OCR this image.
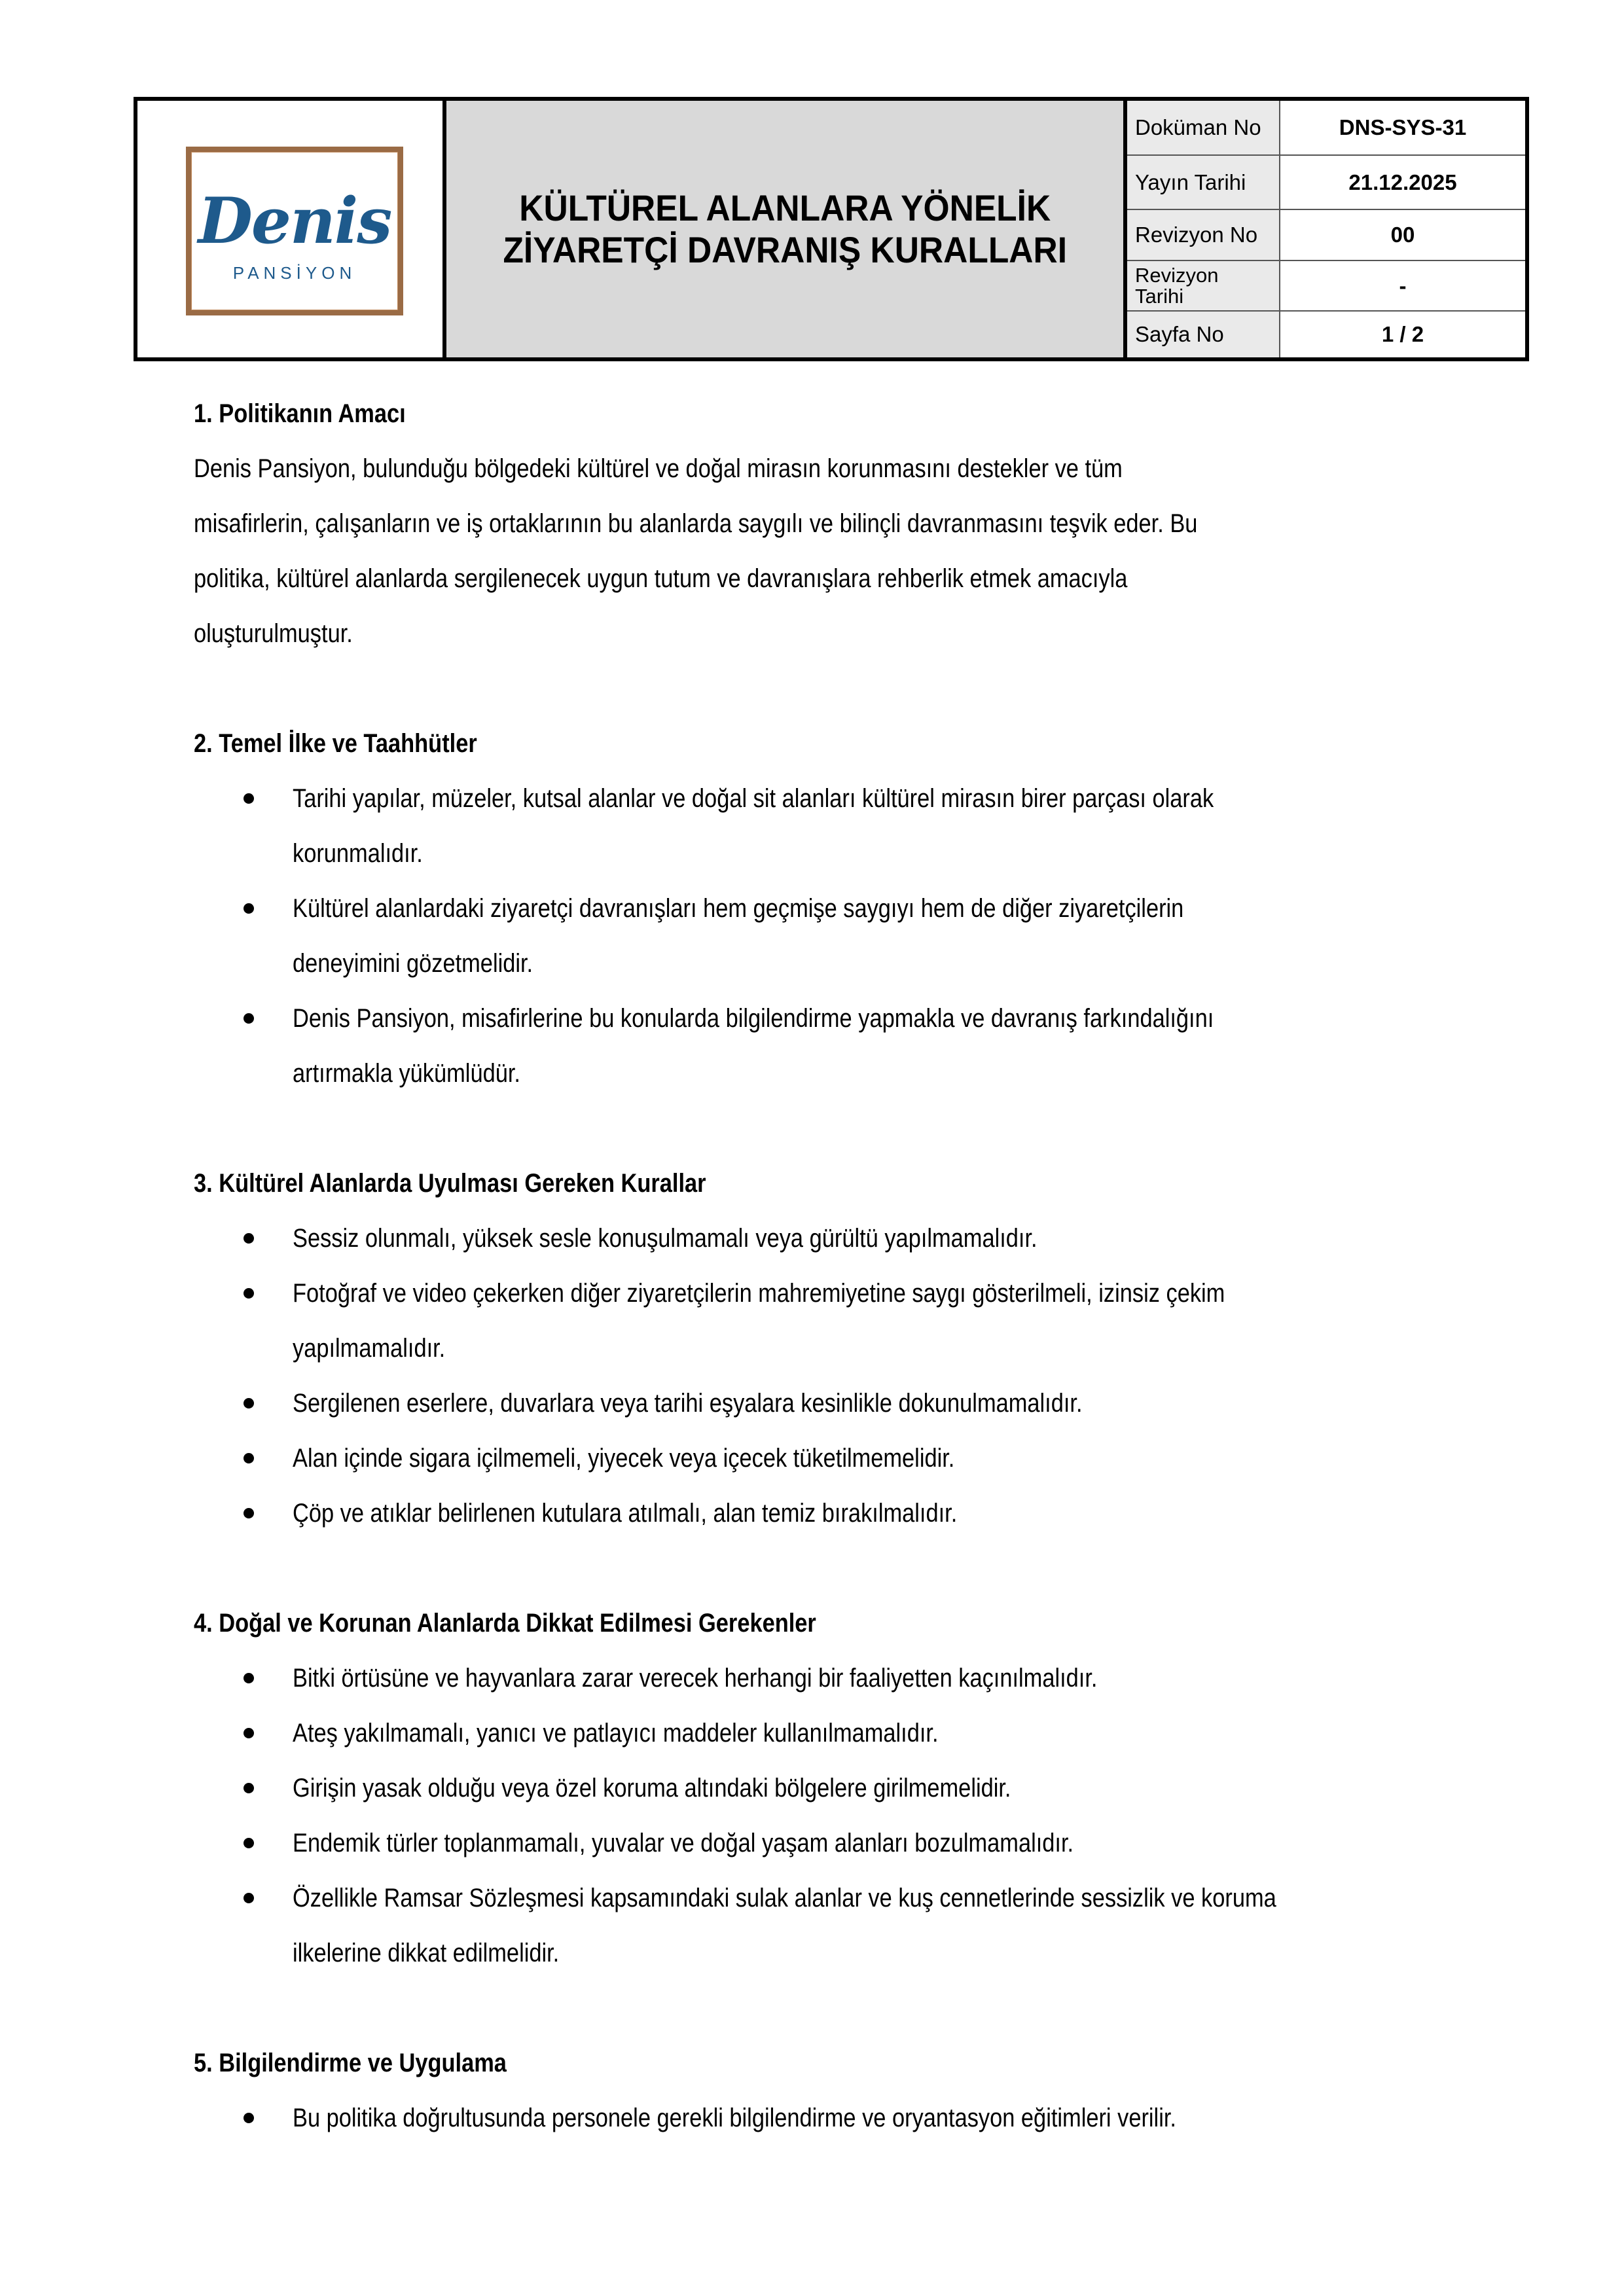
Denis
PANSİYON
KÜLTÜREL ALANLARA YÖNELİK
ZİYARETÇİ DAVRANIŞ KURALLARI
Doküman No	DNS-SYS-31
Yayın Tarihi	21.12.2025
Revizyon No	00
Revizyon Tarihi	-
Sayfa No	1 / 2
1. Politikanın Amacı
Denis Pansiyon, bulunduğu bölgedeki kültürel ve doğal mirasın korunmasını destekler ve tüm
misafirlerin, çalışanların ve iş ortaklarının bu alanlarda saygılı ve bilinçli davranmasını teşvik eder. Bu
politika, kültürel alanlarda sergilenecek uygun tutum ve davranışlara rehberlik etmek amacıyla
oluşturulmuştur.
2. Temel İlke ve Taahhütler
Tarihi yapılar, müzeler, kutsal alanlar ve doğal sit alanları kültürel mirasın birer parçası olarak
korunmalıdır.
Kültürel alanlardaki ziyaretçi davranışları hem geçmişe saygıyı hem de diğer ziyaretçilerin
deneyimini gözetmelidir.
Denis Pansiyon, misafirlerine bu konularda bilgilendirme yapmakla ve davranış farkındalığını
artırmakla yükümlüdür.
3. Kültürel Alanlarda Uyulması Gereken Kurallar
Sessiz olunmalı, yüksek sesle konuşulmamalı veya gürültü yapılmamalıdır.
Fotoğraf ve video çekerken diğer ziyaretçilerin mahremiyetine saygı gösterilmeli, izinsiz çekim
yapılmamalıdır.
Sergilenen eserlere, duvarlara veya tarihi eşyalara kesinlikle dokunulmamalıdır.
Alan içinde sigara içilmemeli, yiyecek veya içecek tüketilmemelidir.
Çöp ve atıklar belirlenen kutulara atılmalı, alan temiz bırakılmalıdır.
4. Doğal ve Korunan Alanlarda Dikkat Edilmesi Gerekenler
Bitki örtüsüne ve hayvanlara zarar verecek herhangi bir faaliyetten kaçınılmalıdır.
Ateş yakılmamalı, yanıcı ve patlayıcı maddeler kullanılmamalıdır.
Girişin yasak olduğu veya özel koruma altındaki bölgelere girilmemelidir.
Endemik türler toplanmamalı, yuvalar ve doğal yaşam alanları bozulmamalıdır.
Özellikle Ramsar Sözleşmesi kapsamındaki sulak alanlar ve kuş cennetlerinde sessizlik ve koruma
ilkelerine dikkat edilmelidir.
5. Bilgilendirme ve Uygulama
Bu politika doğrultusunda personele gerekli bilgilendirme ve oryantasyon eğitimleri verilir.
